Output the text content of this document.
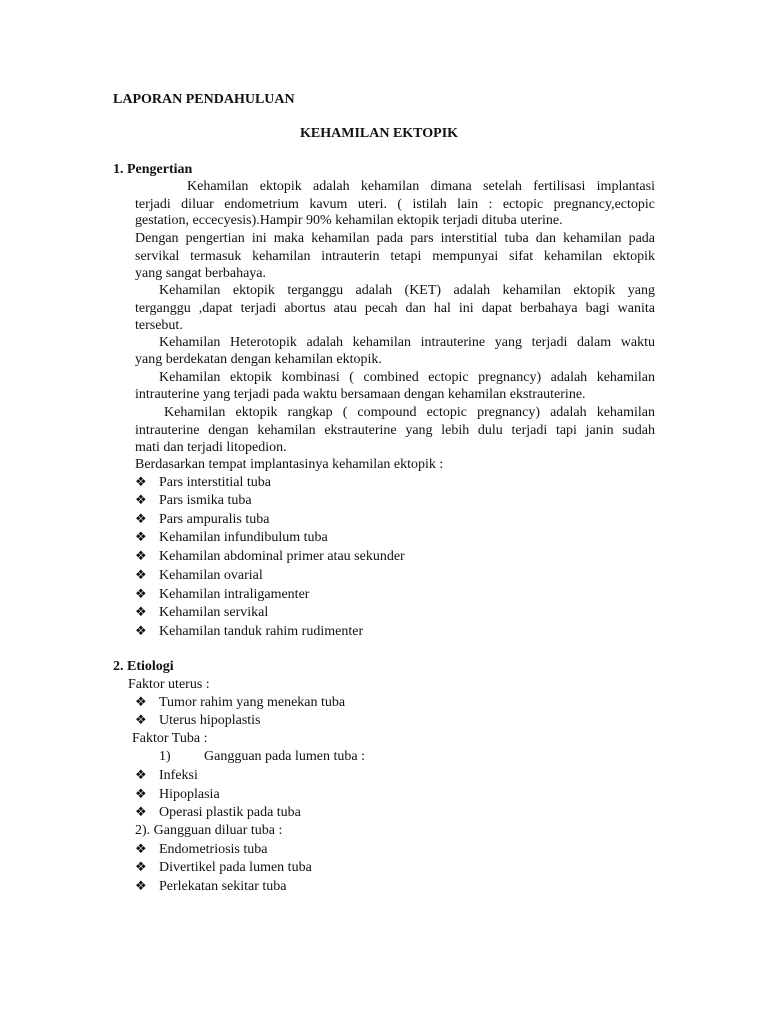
LAPORAN PENDAHULUAN
KEHAMILAN EKTOPIK
1. Pengertian
Kehamilan ektopik adalah kehamilan dimana setelah fertilisasi implantasi
terjadi diluar endometrium kavum uteri. ( istilah lain : ectopic pregnancy,ectopic
gestation, eccecyesis).Hampir 90% kehamilan ektopik terjadi dituba uterine.
Dengan pengertian ini maka kehamilan pada pars interstitial tuba dan kehamilan pada
servikal termasuk kehamilan intrauterin tetapi mempunyai sifat kehamilan ektopik
yang sangat berbahaya.
Kehamilan ektopik terganggu adalah (KET) adalah kehamilan ektopik yang
terganggu ,dapat terjadi abortus atau pecah dan hal ini dapat berbahaya bagi wanita
tersebut.
Kehamilan Heterotopik adalah kehamilan intrauterine yang terjadi dalam waktu
yang berdekatan dengan kehamilan ektopik.
Kehamilan ektopik kombinasi ( combined ectopic pregnancy) adalah kehamilan
intrauterine yang terjadi pada waktu bersamaan dengan kehamilan ekstrauterine.
Kehamilan ektopik rangkap ( compound ectopic pregnancy) adalah kehamilan
intrauterine dengan kehamilan ekstrauterine yang lebih dulu terjadi tapi janin sudah
mati dan terjadi litopedion.
Berdasarkan tempat implantasinya kehamilan ektopik :
❖ Pars interstitial tuba
❖ Pars ismika tuba
❖ Pars ampuralis tuba
❖ Kehamilan infundibulum tuba
❖ Kehamilan abdominal primer atau sekunder
❖ Kehamilan ovarial
❖ Kehamilan intraligamenter
❖ Kehamilan servikal
❖ Kehamilan tanduk rahim rudimenter
2. Etiologi
Faktor uterus :
❖ Tumor rahim yang menekan tuba
❖ Uterus hipoplastis
Faktor Tuba :
1) Gangguan pada lumen tuba :
❖ Infeksi
❖ Hipoplasia
❖ Operasi plastik pada tuba
2). Gangguan diluar tuba :
❖ Endometriosis tuba
❖ Divertikel pada lumen tuba
❖ Perlekatan sekitar tuba
